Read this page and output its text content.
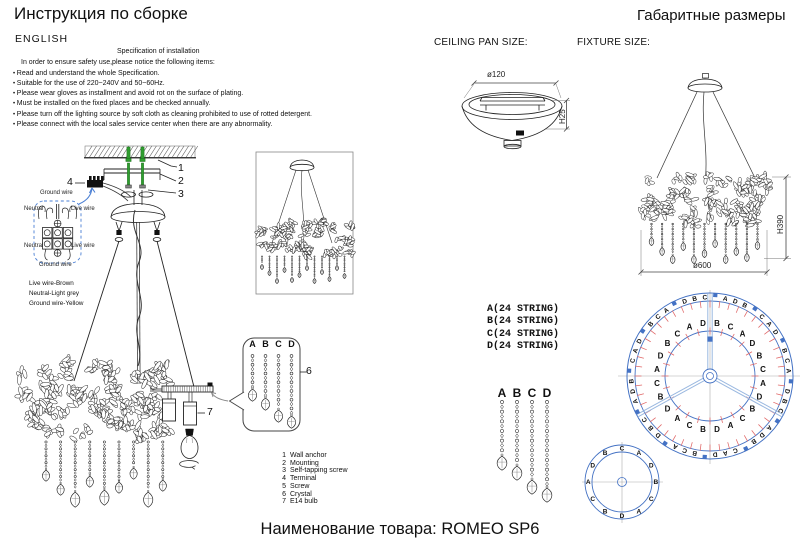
A D B
C
A
D
B
C
A
D
B
C
A
D
B
C
A
D
B
C
A
D
B
C
A
D
B
C
A
D
B
C
A
D B C
B C
A
D
B
C
A
D
B
C
A
D
B
C
A
D
B
C
A
D
B
C
A D
C
A
D
B
C
A
D
B
C
A
D
B
Инструкция по сборке	Габаритные размеры
ENGLISH
Specification of installation
In order to ensure safety use,please notice the following items:
• Read and understand the whole Specification.
• Suitable for the use of 220~240V and 50~60Hz.
• Please wear gloves as installment and avoid rot on the surface of plating.
• Must be installed on the fixed places and be checked annually.
• Please turn off the lighting source by soft cloth as cleaning prohibited to use of rotted detergent.
• Please connect with the local sales service center when there are any abnormality.
1
2
3
4
6
7
Ground wire
Neutral	Live wire
Neutral	Live wire
Ground wire
Live wire-Brown
Neutral-Light grey
Ground wire-Yellow
A B C D
1 Wall anchor
2 Mounting
3 Self-tapping screw
4 Terminal
5 Screw
6 Crystal
7 E14 bulb
CEILING PAN SIZE:	FIXTURE SIZE:
ø120
H25
H390
ø600
A(24 STRING)
B(24 STRING)
C(24 STRING)
D(24 STRING)
A B C D
Наименование товара: ROMEO SP6
